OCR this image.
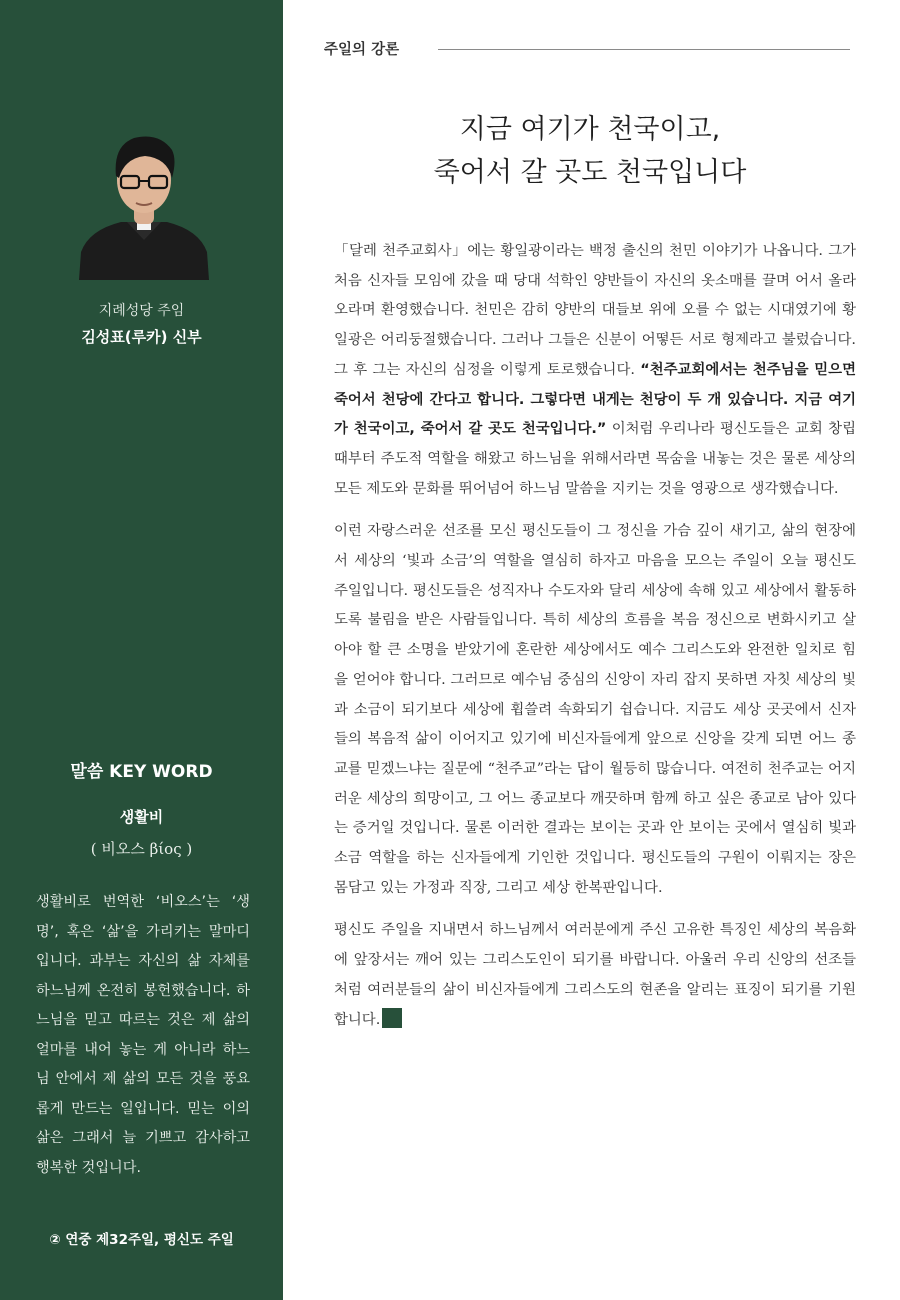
지례성당 주임
김성표(루카) 신부
말씀 KEY WORD
생활비
( 비오스 βίος )
생활비로 번역한 ‘비오스’는 ‘생명’, 혹은 ‘삶’을 가리키는 말마디입니다. 과부는 자신의 삶 자체를 하느님께 온전히 봉헌했습니다. 하느님을 믿고 따르는 것은 제 삶의 얼마를 내어 놓는 게 아니라 하느님 안에서 제 삶의 모든 것을 풍요롭게 만드는 일입니다. 믿는 이의 삶은 그래서 늘 기쁘고 감사하고 행복한 것입니다.
② 연중 제32주일, 평신도 주일
주일의 강론
지금 여기가 천국이고,
죽어서 갈 곳도 천국입니다

「달레 천주교회사」에는 황일광이라는 백정 출신의 천민 이야기가 나옵니다. 그가 처음 신자들 모임에 갔을 때 당대 석학인 양반들이 자신의 옷소매를 끌며 어서 올라오라며 환영했습니다. 천민은 감히 양반의 대들보 위에 오를 수 없는 시대였기에 황일광은 어리둥절했습니다. 그러나 그들은 신분이 어떻든 서로 형제라고 불렀습니다. 그 후 그는 자신의 심정을 이렇게 토로했습니다. “천주교회에서는 천주님을 믿으면 죽어서 천당에 간다고 합니다. 그렇다면 내게는 천당이 두 개 있습니다. 지금 여기가 천국이고, 죽어서 갈 곳도 천국입니다.” 이처럼 우리나라 평신도들은 교회 창립 때부터 주도적 역할을 해왔고 하느님을 위해서라면 목숨을 내놓는 것은 물론 세상의 모든 제도와 문화를 뛰어넘어 하느님 말씀을 지키는 것을 영광으로 생각했습니다.

이런 자랑스러운 선조를 모신 평신도들이 그 정신을 가슴 깊이 새기고, 삶의 현장에서 세상의 ‘빛과 소금’의 역할을 열심히 하자고 마음을 모으는 주일이 오늘 평신도 주일입니다. 평신도들은 성직자나 수도자와 달리 세상에 속해 있고 세상에서 활동하도록 불림을 받은 사람들입니다. 특히 세상의 흐름을 복음 정신으로 변화시키고 살아야 할 큰 소명을 받았기에 혼란한 세상에서도 예수 그리스도와 완전한 일치로 힘을 얻어야 합니다. 그러므로 예수님 중심의 신앙이 자리 잡지 못하면 자칫 세상의 빛과 소금이 되기보다 세상에 휩쓸려 속화되기 쉽습니다. 지금도 세상 곳곳에서 신자들의 복음적 삶이 이어지고 있기에 비신자들에게 앞으로 신앙을 갖게 되면 어느 종교를 믿겠느냐는 질문에 “천주교”라는 답이 월등히 많습니다. 여전히 천주교는 어지러운 세상의 희망이고, 그 어느 종교보다 깨끗하며 함께 하고 싶은 종교로 남아 있다는 증거일 것입니다. 물론 이러한 결과는 보이는 곳과 안 보이는 곳에서 열심히 빛과 소금 역할을 하는 신자들에게 기인한 것입니다. 평신도들의 구원이 이뤄지는 장은 몸담고 있는 가정과 직장, 그리고 세상 한복판입니다.

평신도 주일을 지내면서 하느님께서 여러분에게 주신 고유한 특징인 세상의 복음화에 앞장서는 깨어 있는 그리스도인이 되기를 바랍니다. 아울러 우리 신앙의 선조들처럼 여러분들의 삶이 비신자들에게 그리스도의 현존을 알리는 표징이 되기를 기원합니다.
